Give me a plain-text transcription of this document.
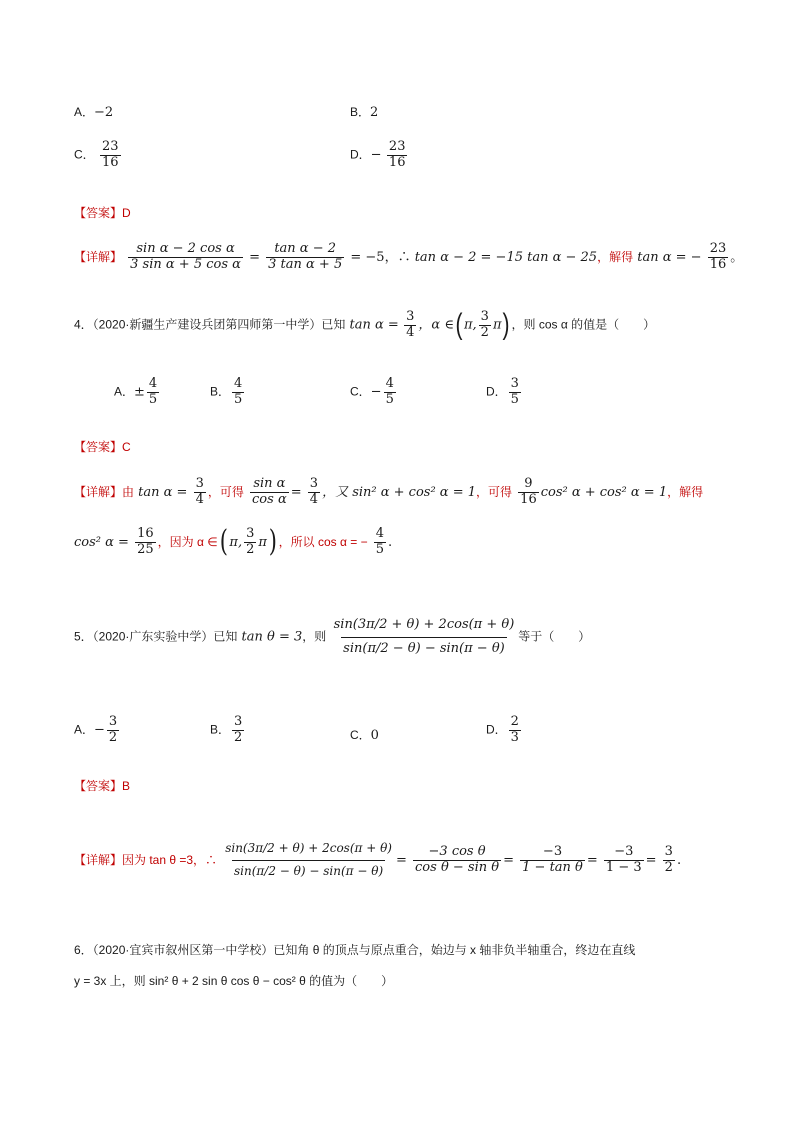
A．−2	B．2
C． $\frac{23}{16}$	D．− $\frac{23}{16}$
【答案】D
【详解】 $\frac{\text{sin α − 2 cos α}}{\text{3 sin α + 5 cos α}} = \frac{\text{tan α − 2}}{\text{3 tan α + 5}} = -5$，∴ tan α − 2 = −15 tan α − 25，解得 tan α = − $\frac{23}{16}$ 。
4．（2020·新疆生产建设兵团第四师第一中学）已知 $\tan \alpha = \frac{3}{4}$ ，α ∈( π, $\frac{3}{2} \pi$) ，则 cos α 的值是（　　）
A．± $\frac{4}{5}$	B． $\frac{4}{5}$	C．− $\frac{4}{5}$	D． $\frac{3}{5}$
【答案】C
【详解】由 $\tan \alpha = \frac{3}{4}$ ，可得 $\frac{\text{sin α}}{\text{cos α}} = \frac{3}{4}$ ，又 sin² α + cos² α = 1，可得 $\frac{9}{16} \cos^2$ α + cos² α = 1，解得
cos² $\alpha = \frac{16}{25}$ ，因为 α ∈( π, $\frac{3}{2} \pi$) ，所以 cos α = − $\frac{4}{5}$ .
5．（2020·广东实验中学）已知 tan θ = 3，则 $\frac{\sin(3\pi/2 + \theta) + 2\cos(\pi + \theta)}{\sin(\pi/2 - \theta) - \sin(\pi - \theta)}$ 等于（　　）
A．− $\frac{3}{2}$	B． $\frac{3}{2}$	C．0	D． $\frac{2}{3}$
【答案】B
【详解】因为 tan θ =3，∴ $\frac{\sin(3\pi/2 + \theta) + 2\cos(\pi + \theta)}{\sin(\pi/2 - \theta) - \sin(\pi - \theta)} = \frac{\text{−3 cos θ}}{\text{cos θ − sin θ}} = \frac{-3}{\text{1 − tan θ}} = \frac{-3}{1 - 3} = \frac{3}{2}$ .
6．（2020·宜宾市叙州区第一中学校）已知角 θ 的顶点与原点重合，始边与 x 轴非负半轴重合，终边在直线
y = 3x 上，则 sin² θ + 2 sin θ cos θ − cos² θ 的值为（　　）
